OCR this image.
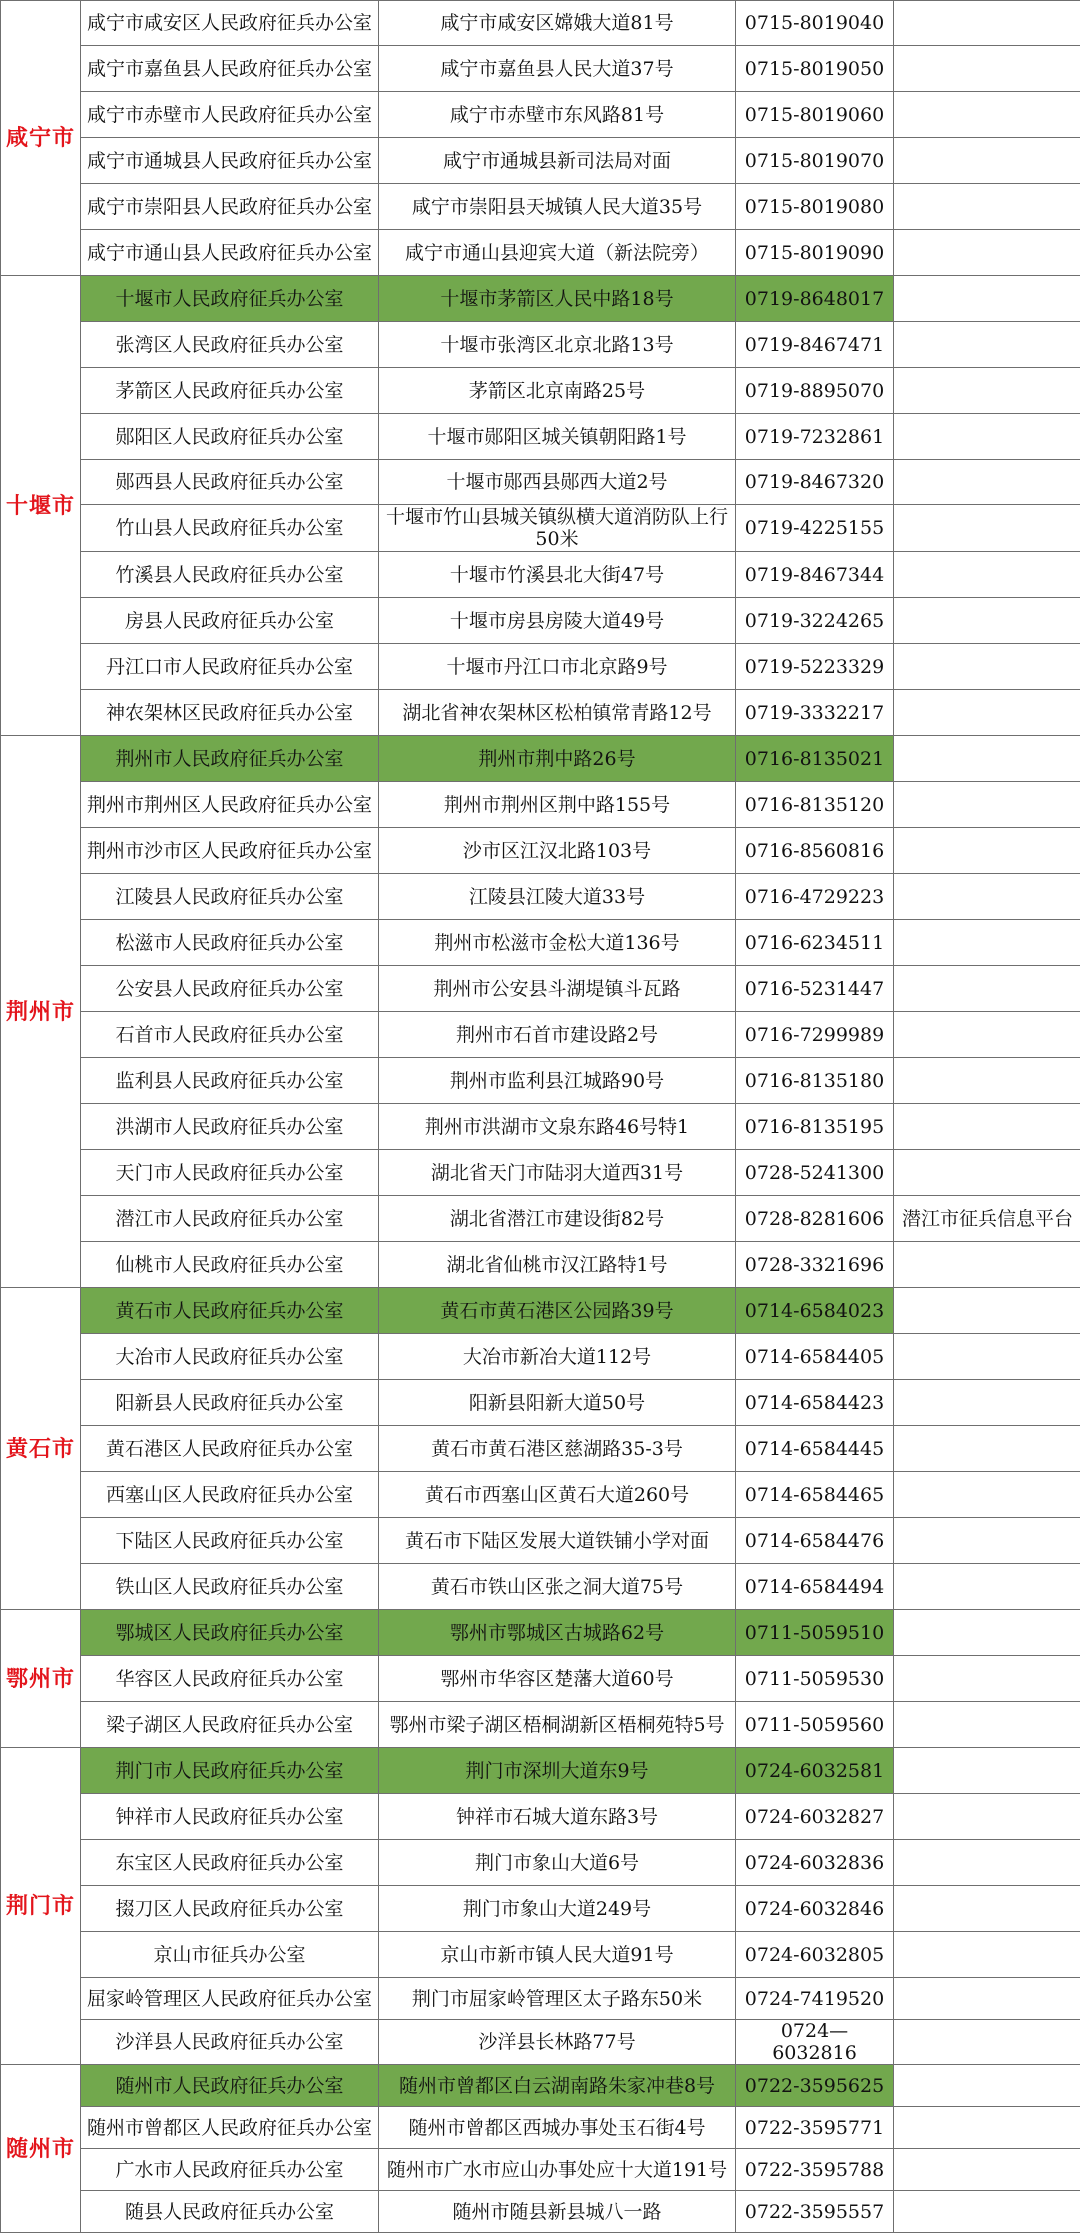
咸宁市	咸宁市咸安区人民政府征兵办公室	咸宁市咸安区嫦娥大道81号	0715-8019040	
	咸宁市嘉鱼县人民政府征兵办公室	咸宁市嘉鱼县人民大道37号	0715-8019050	
	咸宁市赤壁市人民政府征兵办公室	咸宁市赤壁市东风路81号	0715-8019060	
	咸宁市通城县人民政府征兵办公室	咸宁市通城县新司法局对面	0715-8019070	
	咸宁市崇阳县人民政府征兵办公室	咸宁市崇阳县天城镇人民大道35号	0715-8019080	
	咸宁市通山县人民政府征兵办公室	咸宁市通山县迎宾大道（新法院旁）	0715-8019090	
十堰市	十堰市人民政府征兵办公室	十堰市茅箭区人民中路18号	0719-8648017	
	张湾区人民政府征兵办公室	十堰市张湾区北京北路13号	0719-8467471	
	茅箭区人民政府征兵办公室	茅箭区北京南路25号	0719-8895070	
	郧阳区人民政府征兵办公室	十堰市郧阳区城关镇朝阳路1号	0719-7232861	
	郧西县人民政府征兵办公室	十堰市郧西县郧西大道2号	0719-8467320	
	竹山县人民政府征兵办公室	十堰市竹山县城关镇纵横大道消防队上行50米	0719-4225155	
	竹溪县人民政府征兵办公室	十堰市竹溪县北大街47号	0719-8467344	
	房县人民政府征兵办公室	十堰市房县房陵大道49号	0719-3224265	
	丹江口市人民政府征兵办公室	十堰市丹江口市北京路9号	0719-5223329	
	神农架林区民政府征兵办公室	湖北省神农架林区松柏镇常青路12号	0719-3332217	
荆州市	荆州市人民政府征兵办公室	荆州市荆中路26号	0716-8135021	
	荆州市荆州区人民政府征兵办公室	荆州市荆州区荆中路155号	0716-8135120	
	荆州市沙市区人民政府征兵办公室	沙市区江汉北路103号	0716-8560816	
	江陵县人民政府征兵办公室	江陵县江陵大道33号	0716-4729223	
	松滋市人民政府征兵办公室	荆州市松滋市金松大道136号	0716-6234511	
	公安县人民政府征兵办公室	荆州市公安县斗湖堤镇斗瓦路	0716-5231447	
	石首市人民政府征兵办公室	荆州市石首市建设路2号	0716-7299989	
	监利县人民政府征兵办公室	荆州市监利县江城路90号	0716-8135180	
	洪湖市人民政府征兵办公室	荆州市洪湖市文泉东路46号特1	0716-8135195	
	天门市人民政府征兵办公室	湖北省天门市陆羽大道西31号	0728-5241300	
	潜江市人民政府征兵办公室	湖北省潜江市建设街82号	0728-8281606	潜江市征兵信息平台
	仙桃市人民政府征兵办公室	湖北省仙桃市汉江路特1号	0728-3321696	
黄石市	黄石市人民政府征兵办公室	黄石市黄石港区公园路39号	0714-6584023	
	大冶市人民政府征兵办公室	大冶市新冶大道112号	0714-6584405	
	阳新县人民政府征兵办公室	阳新县阳新大道50号	0714-6584423	
	黄石港区人民政府征兵办公室	黄石市黄石港区慈湖路35-3号	0714-6584445	
	西塞山区人民政府征兵办公室	黄石市西塞山区黄石大道260号	0714-6584465	
	下陆区人民政府征兵办公室	黄石市下陆区发展大道铁铺小学对面	0714-6584476	
	铁山区人民政府征兵办公室	黄石市铁山区张之洞大道75号	0714-6584494	
鄂州市	鄂城区人民政府征兵办公室	鄂州市鄂城区古城路62号	0711-5059510	
	华容区人民政府征兵办公室	鄂州市华容区楚藩大道60号	0711-5059530	
	梁子湖区人民政府征兵办公室	鄂州市梁子湖区梧桐湖新区梧桐苑特5号	0711-5059560	
荆门市	荆门市人民政府征兵办公室	荆门市深圳大道东9号	0724-6032581	
	钟祥市人民政府征兵办公室	钟祥市石城大道东路3号	0724-6032827	
	东宝区人民政府征兵办公室	荆门市象山大道6号	0724-6032836	
	掇刀区人民政府征兵办公室	荆门市象山大道249号	0724-6032846	
	京山市征兵办公室	京山市新市镇人民大道91号	0724-6032805	
	屈家岭管理区人民政府征兵办公室	荆门市屈家岭管理区太子路东50米	0724-7419520	
	沙洋县人民政府征兵办公室	沙洋县长林路77号	0724—6032816	
随州市	随州市人民政府征兵办公室	随州市曾都区白云湖南路朱家冲巷8号	0722-3595625	
	随州市曾都区人民政府征兵办公室	随州市曾都区西城办事处玉石街4号	0722-3595771	
	广水市人民政府征兵办公室	随州市广水市应山办事处应十大道191号	0722-3595788	
	随县人民政府征兵办公室	随州市随县新县城八一路	0722-3595557	
